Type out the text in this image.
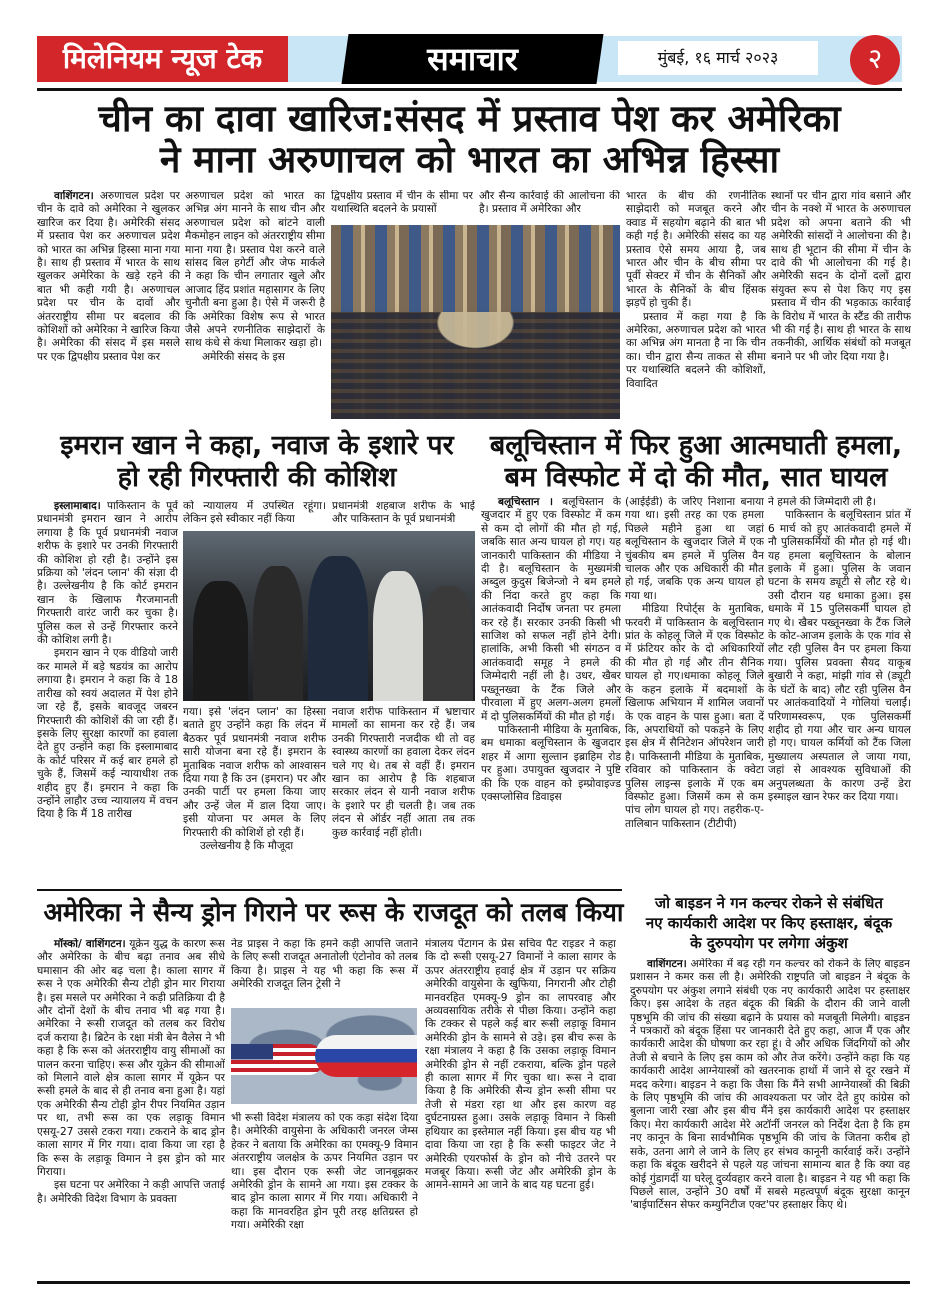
मिलेनियम न्यूज टेक	समाचार	मुंबई, १६ मार्च २०२३	२
चीन का दावा खारिज:संसद में प्रस्ताव पेश कर अमेरिका
ने माना अरुणाचल को भारत का अभिन्न हिस्सा

वाशिंगटन। अरुणाचल प्रदेश पर चीन के दावे को अमेरिका ने खुलकर खारिज कर दिया है। अमेरिकी संसद में प्रस्ताव पेश कर अरुणाचल प्रदेश को भारत का अभिन्न हिस्सा माना गया है। साथ ही प्रस्ताव में भारत के साथ खुलकर अमेरिका के खड़े रहने की बात भी कही गयी है। अरुणाचल प्रदेश पर चीन के दावों और अंतरराष्ट्रीय सीमा पर बदलाव की कोशिशों को अमेरिका ने खारिज किया है। अमेरिका की संसद में इस मसले पर एक द्विपक्षीय प्रस्ताव पेश कर

अरुणाचल प्रदेश को भारत का अभिन्न अंग मानने के साथ चीन और अरुणाचल प्रदेश को बांटने वाली मैकमोहन लाइन को अंतरराष्ट्रीय सीमा माना गया है। प्रस्ताव पेश करने वाले सांसद बिल हगेर्टी और जेफ मार्कले ने कहा कि चीन लगातार खुले और आजाद हिंद प्रशांत महासागर के लिए चुनौती बना हुआ है। ऐसे में जरूरी है कि अमेरिका विशेष रूप से भारत जैसे अपने रणनीतिक साझेदारों के साथ कंधे से कंधा मिलाकर खड़ा हो।

अमेरिकी संसद के इस

द्विपक्षीय प्रस्ताव में चीन के सीमा पर यथास्थिति बदलने के प्रयासों

और सैन्य कार्रवाई की आलोचना की है। प्रस्ताव में अमेरिका और

भारत के बीच की रणनीतिक साझेदारी को मजबूत करने और क्वाड में सहयोग बढ़ाने की बात भी कही गई है। अमेरिकी संसद का यह प्रस्ताव ऐसे समय आया है, जब भारत और चीन के बीच सीमा पर पूर्वी सेक्टर में चीन के सैनिकों और भारत के सैनिकों के बीच हिंसक झड़पें हो चुकी हैं।

प्रस्ताव में कहा गया है कि अमेरिका, अरुणाचल प्रदेश को भारत का अभिन्न अंग मानता है ना कि चीन का। चीन द्वारा सैन्य ताकत से सीमा पर यथास्थिति बदलने की कोशिशों, विवादित

स्थानों पर चीन द्वारा गांव बसाने और चीन के नक्शे में भारत के अरुणाचल प्रदेश को अपना बताने की भी अमेरिकी सांसदों ने आलोचना की है। साथ ही भूटान की सीमा में चीन के दावे की भी आलोचना की गई है। अमेरिकी सदन के दोनों दलों द्वारा संयुक्त रूप से पेश किए गए इस प्रस्ताव में चीन की भड़काऊ कार्रवाई के विरोध में भारत के स्टैंड की तारीफ भी की गई है। साथ ही भारत के साथ तकनीकी, आर्थिक संबंधों को मजबूत बनाने पर भी जोर दिया गया है।

इमरान खान ने कहा, नवाज के इशारे पर
हो रही गिरफ्तारी की कोशिश

इस्लामाबाद। पाकिस्तान के पूर्व प्रधानमंत्री इमरान खान ने आरोप लगाया है कि पूर्व प्रधानमंत्री नवाज शरीफ के इशारे पर उनकी गिरफ्तारी की कोशिश हो रही है। उन्होंने इस प्रक्रिया को 'लंदन प्लान' की संज्ञा दी है। उल्लेखनीय है कि कोर्ट इमरान खान के खिलाफ गैरजमानती गिरफ्तारी वारंट जारी कर चुका है। पुलिस कल से उन्हें गिरफ्तार करने की कोशिश लगी है।

इमरान खान ने एक वीडियो जारी कर मामले में बड़े षडयंत्र का आरोप लगाया है। इमरान ने कहा कि वे 18 तारीख को स्वयं अदालत में पेश होने जा रहे हैं, इसके बावजूद जबरन गिरफ्तारी की कोशिशें की जा रही हैं। इसके लिए सुरक्षा कारणों का हवाला देते हुए उन्होंने कहा कि इस्लामाबाद के कोर्ट परिसर में कई बार हमले हो चुके हैं, जिसमें कई न्यायाधीश तक शहीद हुए हैं। इमरान ने कहा कि उन्होंने लाहौर उच्च न्यायालय में वचन दिया है कि मैं 18 तारीख

को न्यायालय में उपस्थित रहूंगा। लेकिन इसे स्वीकार नहीं किया

प्रधानमंत्री शहबाज शरीफ के भाई और पाकिस्तान के पूर्व प्रधानमंत्री

गया। इसे 'लंदन प्लान' का हिस्सा बताते हुए उन्होंने कहा कि लंदन में बैठकर पूर्व प्रधानमंत्री नवाज शरीफ सारी योजना बना रहे हैं। इमरान के मुताबिक नवाज शरीफ को आश्वासन दिया गया है कि उन (इमरान) पर और उनकी पार्टी पर हमला किया जाए और उन्हें जेल में डाल दिया जाए। इसी योजना पर अमल के लिए गिरफ्तारी की कोशिशें हो रही हैं।

उल्लेखनीय है कि मौजूदा

नवाज शरीफ पाकिस्तान में भ्रष्टाचार मामलों का सामना कर रहे हैं। जब उनकी गिरफ्तारी नजदीक थी तो वह स्वास्थ्य कारणों का हवाला देकर लंदन चले गए थे। तब से वहीं हैं। इमरान खान का आरोप है कि शहबाज सरकार लंदन से यानी नवाज शरीफ के इशारे पर ही चलती है। जब तक लंदन से ऑर्डर नहीं आता तब तक कुछ कार्रवाई नहीं होती।

बलूचिस्तान में फिर हुआ आत्मघाती हमला,
बम विस्फोट में दो की मौत, सात घायल

बलूचिस्तान । बलूचिस्तान के खुजदार में हुए एक विस्फोट में कम से कम दो लोगों की मौत हो गई, जबकि सात अन्य घायल हो गए। यह जानकारी पाकिस्तान की मीडिया ने दी है। बलूचिस्तान के मुख्यमंत्री अब्दुल कुदुस बिजेन्जो ने बम हमले की निंदा करते हुए कहा कि आतंकवादी निर्दोष जनता पर हमला कर रहे हैं। सरकार उनकी किसी भी साजिश को सफल नहीं होने देगी। हालांकि, अभी किसी भी संगठन व आतंकवादी समूह ने हमले की जिम्मेदारी नहीं ली है। उधर, खैबर पख्तूनख्वा के टैंक जिले और पीरवाला में हुए अलग-अलग हमलों में दो पुलिसकर्मियों की मौत हो गई।

पाकिस्तानी मीडिया के मुताबिक, बम धमाका बलूचिस्तान के खुजदार शहर में आगा सुल्तान इब्राहिम रोड पर हुआ। उपायुक्त खुजदार ने पुष्टि की कि एक वाहन को इम्प्रोवाइज्ड एक्सप्लोसिव डिवाइस

(आईईडी) के जरिए निशाना बनाया गया था। इसी तरह का एक हमला पिछले महीने हुआ था जहां बलूचिस्तान के खुजदार जिले में एक चुंबकीय बम हमले में पुलिस वैन चालक और एक अधिकारी की मौत हो गई, जबकि एक अन्य घायल हो गया था।

मीडिया रिपोर्ट्स के मुताबिक, फरवरी में पाकिस्तान के बलूचिस्तान प्रांत के कोहलू जिले में एक विस्फोट में फ्रंटियर कोर के दो अधिकारियों की मौत हो गई और तीन सैनिक घायल हो गए।धमाका कोहलू जिले के कहन इलाके में बदमाशों के खिलाफ अभियान में शामिल जवानों के एक वाहन के पास हुआ। बता दें कि, अपराधियों को पकड़ने के लिए इस क्षेत्र में सैनिटेशन ऑपरेशन जारी है। पाकिस्तानी मीडिया के मुताबिक, रविवार को पाकिस्तान के क्वेटा पुलिस लाइन्स इलाके में एक बम विस्फोट हुआ। जिसमें कम से कम पांच लोग घायल हो गए। तहरीक-ए-तालिबान पाकिस्तान (टीटीपी)

ने हमले की जिम्मेदारी ली है।

पाकिस्तान के बलूचिस्तान प्रांत में 6 मार्च को हुए आतंकवादी हमले में नौ पुलिसकर्मियों की मौत हो गई थी। यह हमला बलूचिस्तान के बोलान इलाके में हुआ। पुलिस के जवान घटना के समय ड्यूटी से लौट रहे थे। उसी दौरान यह धमाका हुआ। इस धमाके में 15 पुलिसकर्मी घायल हो गए थे। खैबर पख्तूनख्वा के टैंक जिले के कोट-आजम इलाके के एक गांव से लौट रही पुलिस वैन पर हमला किया गया। पुलिस प्रवक्ता सैयद याकूब बुखारी ने कहा, मांझी गांव से (ड्यूटी के घंटों के बाद) लौट रही पुलिस वैन पर आतंकवादियों ने गोलियां चलाईं। परिणामस्वरूप, एक पुलिसकर्मी शहीद हो गया और चार अन्य घायल हो गए। घायल कर्मियों को टैंक जिला मुख्यालय अस्पताल ले जाया गया, जहां से आवश्यक सुविधाओं की अनुपलब्धता के कारण उन्हें डेरा इस्माइल खान रेफर कर दिया गया।

अमेरिका ने सैन्य ड्रोन गिराने पर रूस के राजदूत को तलब किया

मॉस्को/ वाशिंगटन। यूक्रेन युद्ध के कारण रूस और अमेरिका के बीच बढ़ा तनाव अब सीधे घमासान की ओर बढ़ चला है। काला सागर में रूस ने एक अमेरिकी सैन्य टोही ड्रोन मार गिराया है। इस मसले पर अमेरिका ने कड़ी प्रतिक्रिया दी है और दोनों देशों के बीच तनाव भी बढ़ गया है। अमेरिका ने रूसी राजदूत को तलब कर विरोध दर्ज कराया है। ब्रिटेन के रक्षा मंत्री बेन वैलेस ने भी कहा है कि रूस को अंतरराष्ट्रीय वायु सीमाओं का पालन करना चाहिए। रूस और यूक्रेन की सीमाओं को मिलाने वाले क्षेत्र काला सागर में यूक्रेन पर रूसी हमले के बाद से ही तनाव बना हुआ है। यहां एक अमेरिकी सैन्य टोही ड्रोन रीपर नियमित उड़ान पर था, तभी रूस का एक लड़ाकू विमान एसयू-27 उससे टकरा गया। टकराने के बाद ड्रोन काला सागर में गिर गया। दावा किया जा रहा है कि रूस के लड़ाकू विमान ने इस ड्रोन को मार गिराया।

इस घटना पर अमेरिका ने कड़ी आपत्ति जताई है। अमेरिकी विदेश विभाग के प्रवक्ता

नेड प्राइस ने कहा कि हमने कड़ी आपत्ति जताने के लिए रूसी राजदूत अनातोली एंटोनोव को तलब किया है। प्राइस ने यह भी कहा कि रूस में अमेरिकी राजदूत लिन ट्रेसी ने

भी रूसी विदेश मंत्रालय को एक कड़ा संदेश दिया है। अमेरिकी वायुसेना के अधिकारी जनरल जेम्स हेकर ने बताया कि अमेरिका का एमक्यू-9 विमान अंतरराष्ट्रीय जलक्षेत्र के ऊपर नियमित उड़ान पर था। इस दौरान एक रूसी जेट जानबूझकर अमेरिकी ड्रोन के सामने आ गया। इस टक्कर के बाद ड्रोन काला सागर में गिर गया। अधिकारी ने कहा कि मानवरहित ड्रोन पूरी तरह क्षतिग्रस्त हो गया। अमेरिकी रक्षा

मंत्रालय पेंटागन के प्रेस सचिव पैट राइडर ने कहा कि दो रूसी एसयू-27 विमानों ने काला सागर के ऊपर अंतरराष्ट्रीय हवाई क्षेत्र में उड़ान पर सक्रिय अमेरिकी वायुसेना के खुफिया, निगरानी और टोही मानवरहित एमक्यू-9 ड्रोन का लापरवाह और अव्यवसायिक तरीके से पीछा किया। उन्होंने कहा कि टक्कर से पहले कई बार रूसी लड़ाकू विमान अमेरिकी ड्रोन के सामने से उड़े। इस बीच रूस के रक्षा मंत्रालय ने कहा है कि उसका लड़ाकू विमान अमेरिकी ड्रोन से नहीं टकराया, बल्कि ड्रोन पहले ही काला सागर में गिर चुका था। रूस ने दावा किया है कि अमेरिकी सैन्य ड्रोन रूसी सीमा पर तेजी से मंडरा रहा था और इस कारण वह दुर्घटनाग्रस्त हुआ। उसके लड़ाकू विमान ने किसी हथियार का इस्तेमाल नहीं किया। इस बीच यह भी दावा किया जा रहा है कि रूसी फाइटर जेट ने अमेरिकी एयरफोर्स के ड्रोन को नीचे उतरने पर मजबूर किया। रूसी जेट और अमेरिकी ड्रोन के आमने-सामने आ जाने के बाद यह घटना हुई।

जो बाइडन ने गन कल्चर रोकने से संबंधित
नए कार्यकारी आदेश पर किए हस्ताक्षर, बंदूक
के दुरुपयोग पर लगेगा अंकुश

वाशिंगटन। अमेरिका में बढ़ रही गन कल्चर को रोकने के लिए बाइडन प्रशासन ने कमर कस ली है। अमेरिकी राष्ट्रपति जो बाइडन ने बंदूक के दुरुपयोग पर अंकुश लगाने संबंधी एक नए कार्यकारी आदेश पर हस्ताक्षर किए। इस आदेश के तहत बंदूक की बिक्री के दौरान की जाने वाली पृष्ठभूमि की जांच की संख्या बढ़ाने के प्रयास को मजबूती मिलेगी। बाइडन ने पत्रकारों को बंदूक हिंसा पर जानकारी देते हुए कहा, आज मैं एक और कार्यकारी आदेश की घोषणा कर रहा हूं। वे और अधिक जिंदगियों को और तेजी से बचाने के लिए इस काम को और तेज करेंगे। उन्होंने कहा कि यह कार्यकारी आदेश आग्नेयास्त्रों को खतरनाक हाथों में जाने से दूर रखने में मदद करेगा। बाइडन ने कहा कि जैसा कि मैंने सभी आग्नेयास्त्रों की बिक्री के लिए पृष्ठभूमि की जांच की आवश्यकता पर जोर देते हुए कांग्रेस को बुलाना जारी रखा और इस बीच मैंने इस कार्यकारी आदेश पर हस्ताक्षर किए। मेरा कार्यकारी आदेश मेरे अटॉर्नी जनरल को निर्देश देता है कि हम नए कानून के बिना सार्वभौमिक पृष्ठभूमि की जांच के जितना करीब हो सके, उतना आगे ले जाने के लिए हर संभव कानूनी कार्रवाई करें। उन्होंने कहा कि बंदूक खरीदने से पहले यह जांचना सामान्य बात है कि क्या वह कोई गुंडागर्दी या घरेलू दुर्व्यवहार करने वाला है। बाइडन ने यह भी कहा कि पिछले साल, उन्होंने 30 वर्षों में सबसे महत्वपूर्ण बंदूक सुरक्षा कानून 'बाईपार्टिसन सेफर कम्युनिटीज एक्ट'पर हस्ताक्षर किए थे।
